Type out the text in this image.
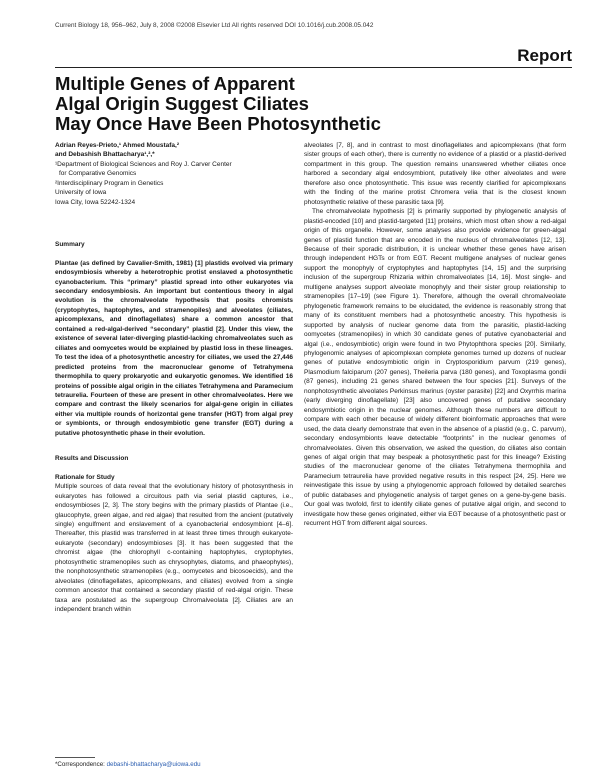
Current Biology 18, 956–962, July 8, 2008 ©2008 Elsevier Ltd All rights reserved DOI 10.1016/j.cub.2008.05.042
Report
Multiple Genes of Apparent
Algal Origin Suggest Ciliates
May Once Have Been Photosynthetic
Adrian Reyes-Prieto,¹ Ahmed Moustafa,²
and Debashish Bhattacharya¹,²,*
¹Department of Biological Sciences and Roy J. Carver Center
for Comparative Genomics
²Interdisciplinary Program in Genetics
University of Iowa
Iowa City, Iowa 52242-1324

Summary

Plantae (as defined by Cavalier-Smith, 1981) [1] plastids evolved via primary endosymbiosis whereby a heterotrophic protist enslaved a photosynthetic cyanobacterium. This “primary” plastid spread into other eukaryotes via secondary endosymbiosis. An important but contentious theory in algal evolution is the chromalveolate hypothesis that posits chromists (cryptophytes, haptophytes, and stramenopiles) and alveolates (ciliates, apicomplexans, and dinoflagellates) share a common ancestor that contained a red-algal-derived “secondary” plastid [2]. Under this view, the existence of several later-diverging plastid-lacking chromalveolates such as ciliates and oomycetes would be explained by plastid loss in these lineages. To test the idea of a photosynthetic ancestry for ciliates, we used the 27,446 predicted proteins from the macronuclear genome of Tetrahymena thermophila to query prokaryotic and eukaryotic genomes. We identified 16 proteins of possible algal origin in the ciliates Tetrahymena and Paramecium tetraurelia. Fourteen of these are present in other chromalveolates. Here we compare and contrast the likely scenarios for algal-gene origin in ciliates either via multiple rounds of horizontal gene transfer (HGT) from algal prey or symbionts, or through endosymbiotic gene transfer (EGT) during a putative photosynthetic phase in their evolution.

Results and Discussion

Rationale for Study

Multiple sources of data reveal that the evolutionary history of photosynthesis in eukaryotes has followed a circuitous path via serial plastid captures, i.e., endosymbioses [2, 3]. The story begins with the primary plastids of Plantae (i.e., glaucophyte, green algae, and red algae) that resulted from the ancient (putatively single) engulfment and enslavement of a cyanobacterial endosymbiont [4–6]. Thereafter, this plastid was transferred in at least three times through eukaryote-eukaryote (secondary) endosymbioses [3]. It has been suggested that the chromist algae (the chlorophyll c-containing haptophytes, cryptophytes, photosynthetic stramenopiles such as chrysophytes, diatoms, and phaeophytes), the nonphotosynthetic stramenopiles (e.g., oomycetes and bicosoecids), and the alveolates (dinoflagellates, apicomplexans, and ciliates) evolved from a single common ancestor that contained a secondary plastid of red-algal origin. These taxa are postulated as the supergroup Chromalveolata [2]. Ciliates are an independent branch within

alveolates [7, 8], and in contrast to most dinoflagellates and apicomplexans (that form sister groups of each other), there is currently no evidence of a plastid or a plastid-derived compartment in this group. The question remains unanswered whether ciliates once harbored a secondary algal endosymbiont, putatively like other alveolates and were therefore also once photosynthetic. This issue was recently clarified for apicomplexans with the finding of the marine protist Chromera velia that is the closest known photosynthetic relative of these parasitic taxa [9].

The chromalveolate hypothesis [2] is primarily supported by phylogenetic analysis of plastid-encoded [10] and plastid-targeted [11] proteins, which most often show a red-algal origin of this organelle. However, some analyses also provide evidence for green-algal genes of plastid function that are encoded in the nucleus of chromalveolates [12, 13]. Because of their sporadic distribution, it is unclear whether these genes have arisen through independent HGTs or from EGT. Recent multigene analyses of nuclear genes support the monophyly of cryptophytes and haptophytes [14, 15] and the surprising inclusion of the supergroup Rhizaria within chromalveolates [14, 16]. Most single- and multigene analyses support alveolate monophyly and their sister group relationship to stramenopiles [17–19] (see Figure 1). Therefore, although the overall chromalveolate phylogenetic framework remains to be elucidated, the evidence is reasonably strong that many of its constituent members had a photosynthetic ancestry. This hypothesis is supported by analysis of nuclear genome data from the parasitic, plastid-lacking oomycetes (stramenopiles) in which 30 candidate genes of putative cyanobacterial and algal (i.e., endosymbiotic) origin were found in two Phytophthora species [20]. Similarly, phylogenomic analyses of apicomplexan complete genomes turned up dozens of nuclear genes of putative endosymbiotic origin in Cryptosporidium parvum (219 genes), Plasmodium falciparum (207 genes), Theileria parva (180 genes), and Toxoplasma gondii (87 genes), including 21 genes shared between the four species [21]. Surveys of the nonphotosynthetic alveolates Perkinsus marinus (oyster parasite) [22] and Oxyrrhis marina (early diverging dinoflagellate) [23] also uncovered genes of putative secondary endosymbiotic origin in the nuclear genomes. Although these numbers are difficult to compare with each other because of widely different bioinformatic approaches that were used, the data clearly demonstrate that even in the absence of a plastid (e.g., C. parvum), secondary endosymbionts leave detectable “footprints” in the nuclear genomes of chromalveolates. Given this observation, we asked the question, do ciliates also contain genes of algal origin that may bespeak a photosynthetic past for this lineage? Existing studies of the macronuclear genome of the ciliates Tetrahymena thermophila and Paramecium tetraurelia have provided negative results in this respect [24, 25]. Here we reinvestigate this issue by using a phylogenomic approach followed by detailed searches of public databases and phylogenetic analysis of target genes on a gene-by-gene basis. Our goal was twofold, first to identify ciliate genes of putative algal origin, and second to investigate how these genes originated, either via EGT because of a photosynthetic past or recurrent HGT from different algal sources.

*Correspondence: debashi-bhattacharya@uiowa.edu
